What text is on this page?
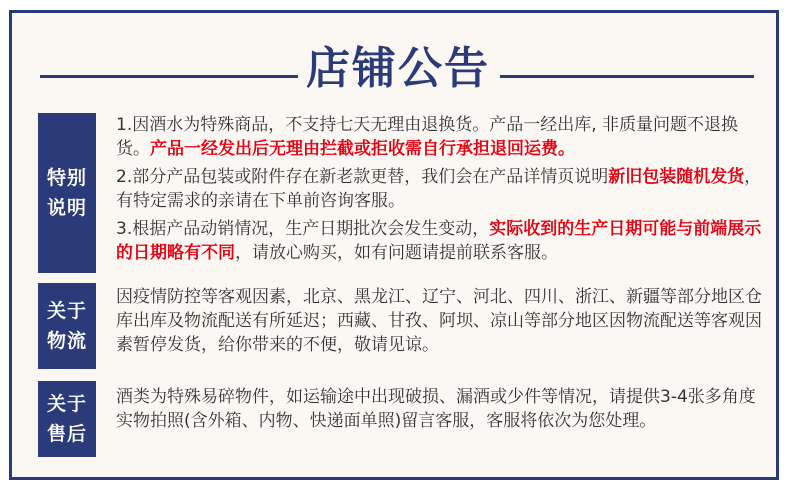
店铺公告
特别
说明

1.因酒水为特殊商品，不支持七天无理由退换货。产品一经出库, 非质量问题不退换货。产品一经发出后无理由拦截或拒收需自行承担退回运费。

2.部分产品包装或附件存在新老款更替，我们会在产品详情页说明新旧包装随机发货，有特定需求的亲请在下单前咨询客服。

3.根据产品动销情况，生产日期批次会发生变动，实际收到的生产日期可能与前端展示的日期略有不同，请放心购买，如有问题请提前联系客服。

关于
物流
因疫情防控等客观因素，北京、黑龙江、辽宁、河北、四川、浙江、新疆等部分地区仓库出库及物流配送有所延迟；西藏、甘孜、阿坝、凉山等部分地区因物流配送等客观因素暂停发货，给你带来的不便，敬请见谅。
关于
售后
酒类为特殊易碎物件，如运输途中出现破损、漏酒或少件等情况，请提供3-4张多角度实物拍照(含外箱、内物、快递面单照)留言客服，客服将依次为您处理。
